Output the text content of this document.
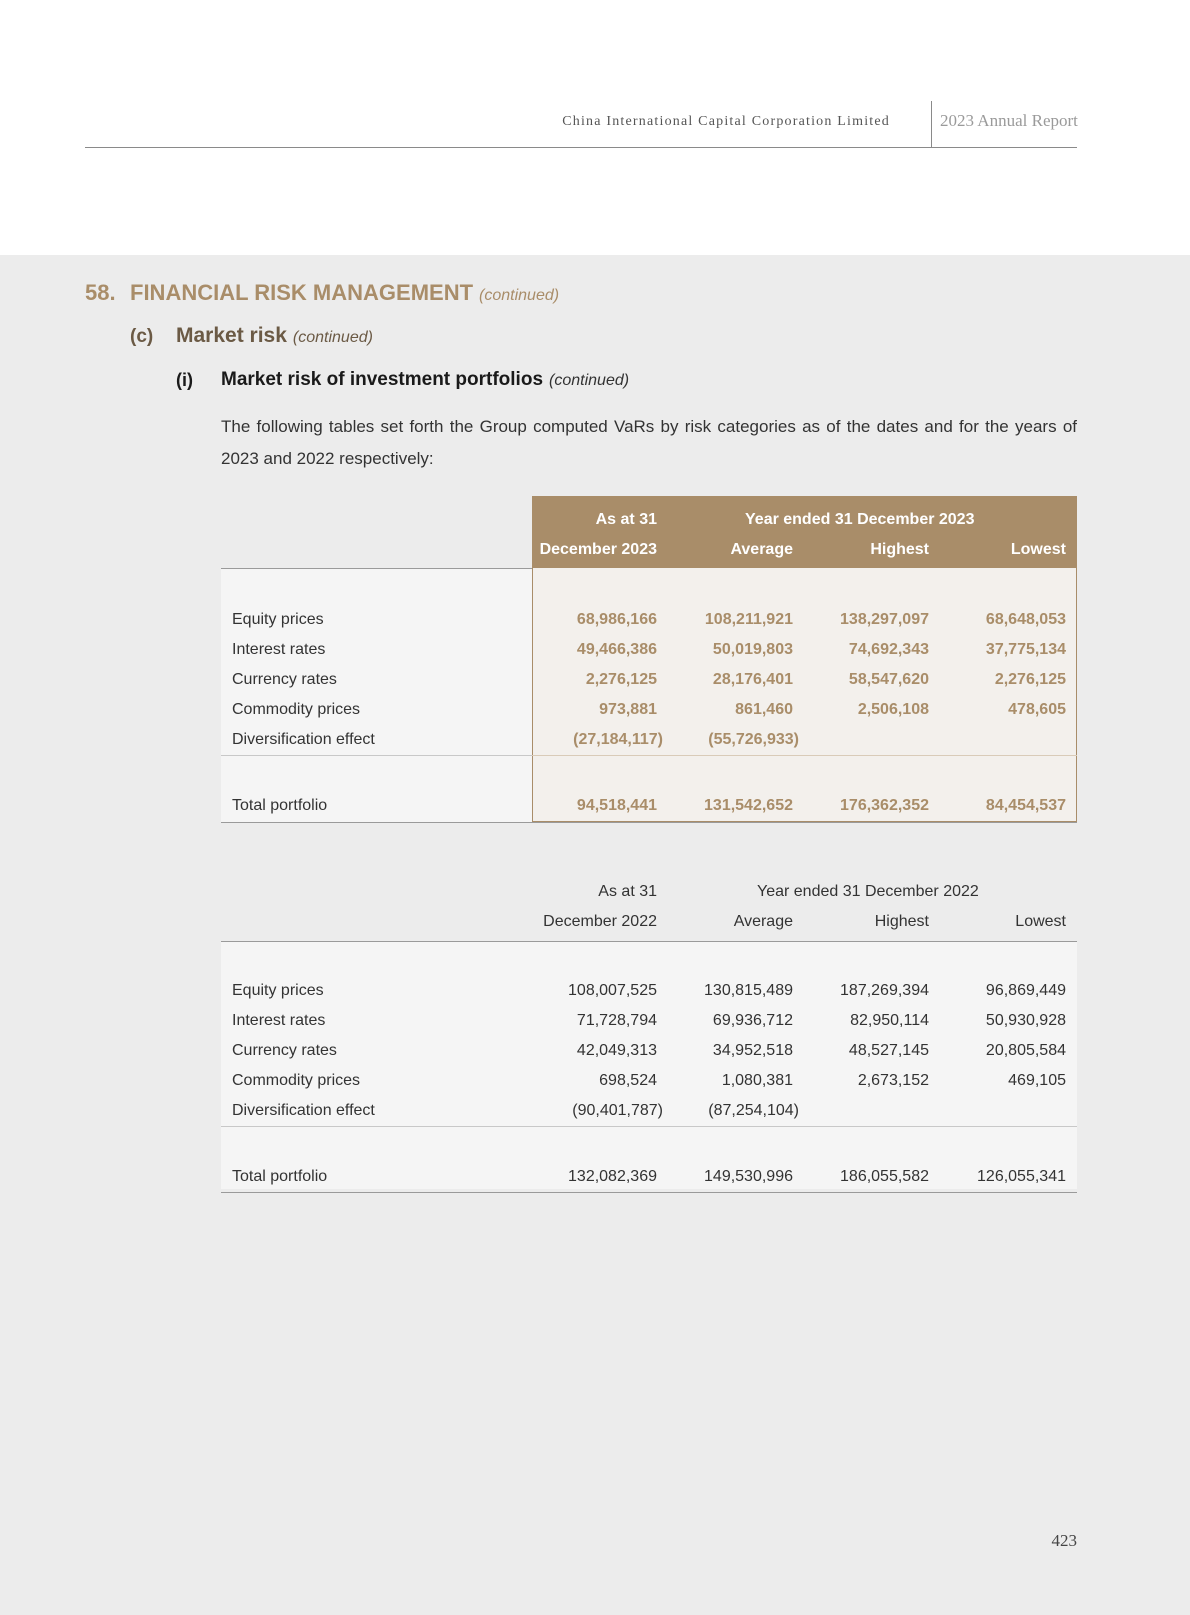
China International Capital Corporation Limited	2023 Annual Report
58. FINANCIAL RISK MANAGEMENT (continued)
(c) Market risk (continued)
(i) Market risk of investment portfolios (continued)
The following tables set forth the Group computed VaRs by risk categories as of the dates and for the years of 2023 and 2022 respectively:
As at 31
December 2023
Year ended 31 December 2023
Average	Highest	Lowest
Equity prices	68,986,166	108,211,921	138,297,097	68,648,053
Interest rates	49,466,386	50,019,803	74,692,343	37,775,134
Currency rates	2,276,125	28,176,401	58,547,620	2,276,125
Commodity prices	973,881	861,460	2,506,108	478,605
Diversification effect	(27,184,117)	(55,726,933)
Total portfolio	94,518,441	131,542,652	176,362,352	84,454,537
As at 31
December 2022
Year ended 31 December 2022
Average	Highest	Lowest
Equity prices	108,007,525	130,815,489	187,269,394	96,869,449
Interest rates	71,728,794	69,936,712	82,950,114	50,930,928
Currency rates	42,049,313	34,952,518	48,527,145	20,805,584
Commodity prices	698,524	1,080,381	2,673,152	469,105
Diversification effect	(90,401,787)	(87,254,104)
Total portfolio	132,082,369	149,530,996	186,055,582	126,055,341
423
